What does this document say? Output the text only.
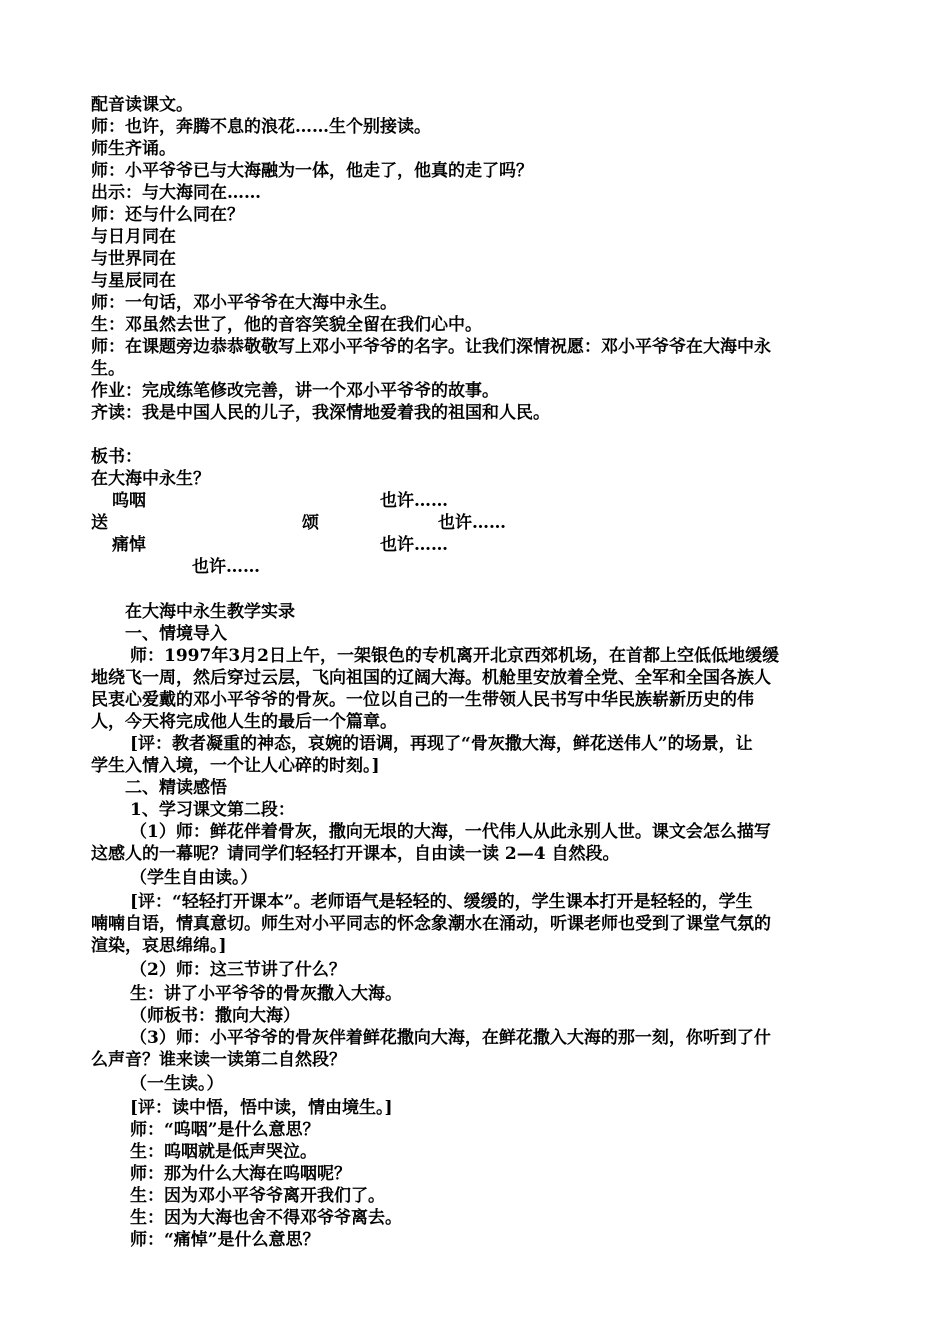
配音读课文。
师：也许，奔腾不息的浪花……生个别接读。
师生齐诵。
师：小平爷爷已与大海融为一体，他走了，他真的走了吗？
出示：与大海同在……
师：还与什么同在？
与日月同在
与世界同在
与星辰同在
师：一句话，邓小平爷爷在大海中永生。
生：邓虽然去世了，他的音容笑貌全留在我们心中。
师：在课题旁边恭恭敬敬写上邓小平爷爷的名字。让我们深情祝愿：邓小平爷爷在大海中永
生。
作业：完成练笔修改完善，讲一个邓小平爷爷的故事。
齐读：我是中国人民的儿子，我深情地爱着我的祖国和人民。
板书：
在大海中永生？
呜咽	也许……
送	颂	也许……
痛悼	也许……
也许……
在大海中永生教学实录
一、情境导入
师：1997年3月2日上午，一架银色的专机离开北京西郊机场，在首都上空低低地缓缓
地绕飞一周，然后穿过云层，飞向祖国的辽阔大海。机舱里安放着全党、全军和全国各族人
民衷心爱戴的邓小平爷爷的骨灰。一位以自己的一生带领人民书写中华民族崭新历史的伟
人，今天将完成他人生的最后一个篇章。
[评：教者凝重的神态，哀婉的语调，再现了“骨灰撒大海，鲜花送伟人”的场景，让
学生入情入境，一个让人心碎的时刻。]
二、精读感悟
1、学习课文第二段：
（1）师：鲜花伴着骨灰，撒向无垠的大海，一代伟人从此永别人世。课文会怎么描写
这感人的一幕呢？请同学们轻轻打开课本，自由读一读 2—4 自然段。
（学生自由读。）
[评：“轻轻打开课本”。老师语气是轻轻的、缓缓的，学生课本打开是轻轻的，学生
喃喃自语，情真意切。师生对小平同志的怀念象潮水在涌动，听课老师也受到了课堂气氛的
渲染，哀思绵绵。]
（2）师：这三节讲了什么？
生：讲了小平爷爷的骨灰撒入大海。
（师板书：撒向大海）
（3）师：小平爷爷的骨灰伴着鲜花撒向大海，在鲜花撒入大海的那一刻，你听到了什
么声音？谁来读一读第二自然段？
（一生读。）
[评：读中悟，悟中读，情由境生。]
师：“呜咽”是什么意思？
生：呜咽就是低声哭泣。
师：那为什么大海在呜咽呢？
生：因为邓小平爷爷离开我们了。
生：因为大海也舍不得邓爷爷离去。
师：“痛悼”是什么意思？
